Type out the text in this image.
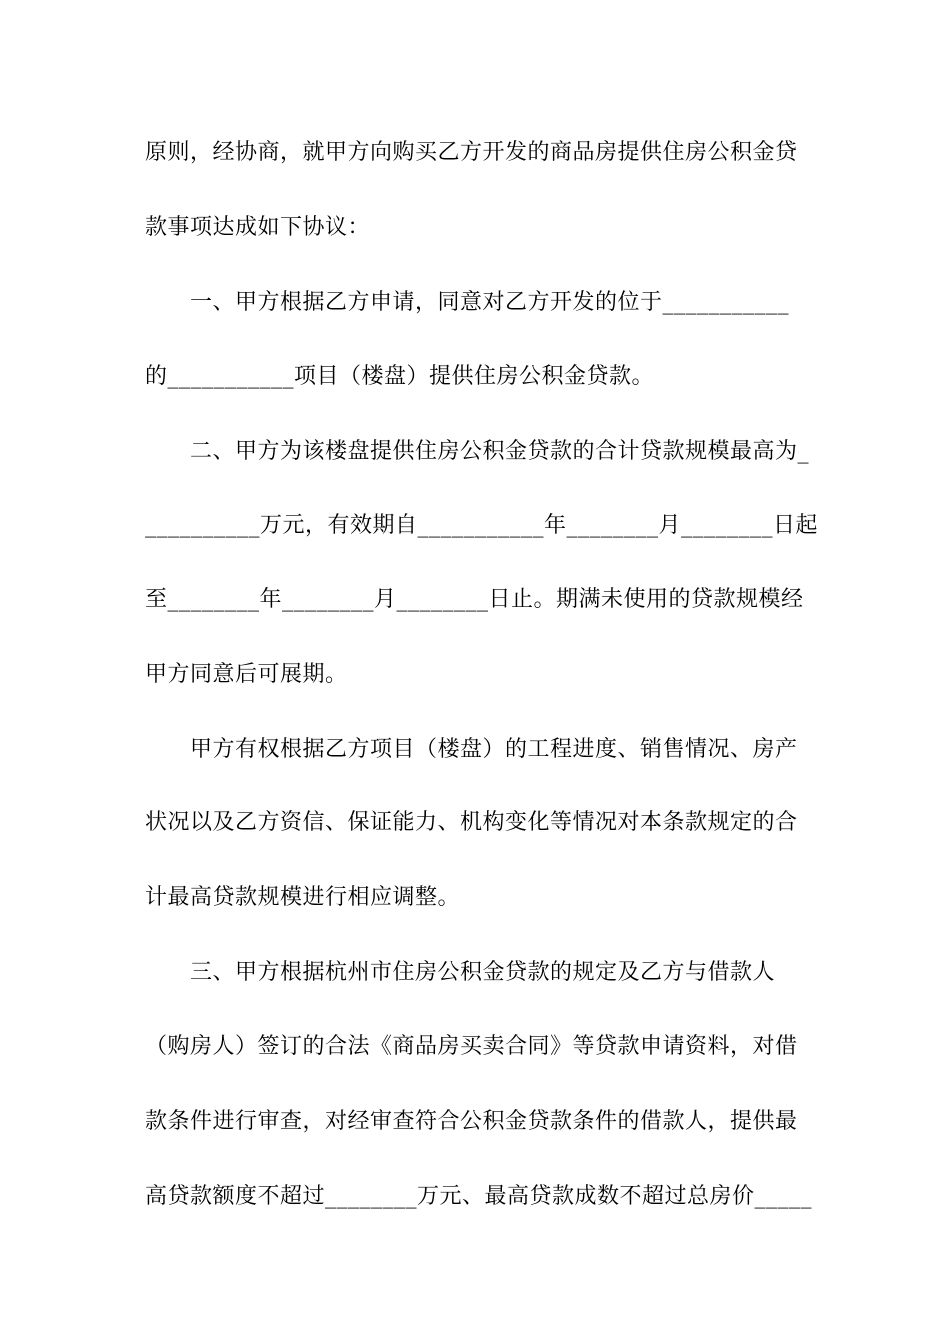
原则，经协商，就甲方向购买乙方开发的商品房提供住房公积金贷
款事项达成如下协议：
一、甲方根据乙方申请，同意对乙方开发的位于___________
的___________项目（楼盘）提供住房公积金贷款。
二、甲方为该楼盘提供住房公积金贷款的合计贷款规模最高为_
__________万元，有效期自___________年________月________日起
至________年________月________日止。期满未使用的贷款规模经
甲方同意后可展期。
甲方有权根据乙方项目（楼盘）的工程进度、销售情况、房产
状况以及乙方资信、保证能力、机构变化等情况对本条款规定的合
计最高贷款规模进行相应调整。
三、甲方根据杭州市住房公积金贷款的规定及乙方与借款人
（购房人）签订的合法《商品房买卖合同》等贷款申请资料，对借
款条件进行审查，对经审查符合公积金贷款条件的借款人，提供最
高贷款额度不超过________万元、最高贷款成数不超过总房价_____
